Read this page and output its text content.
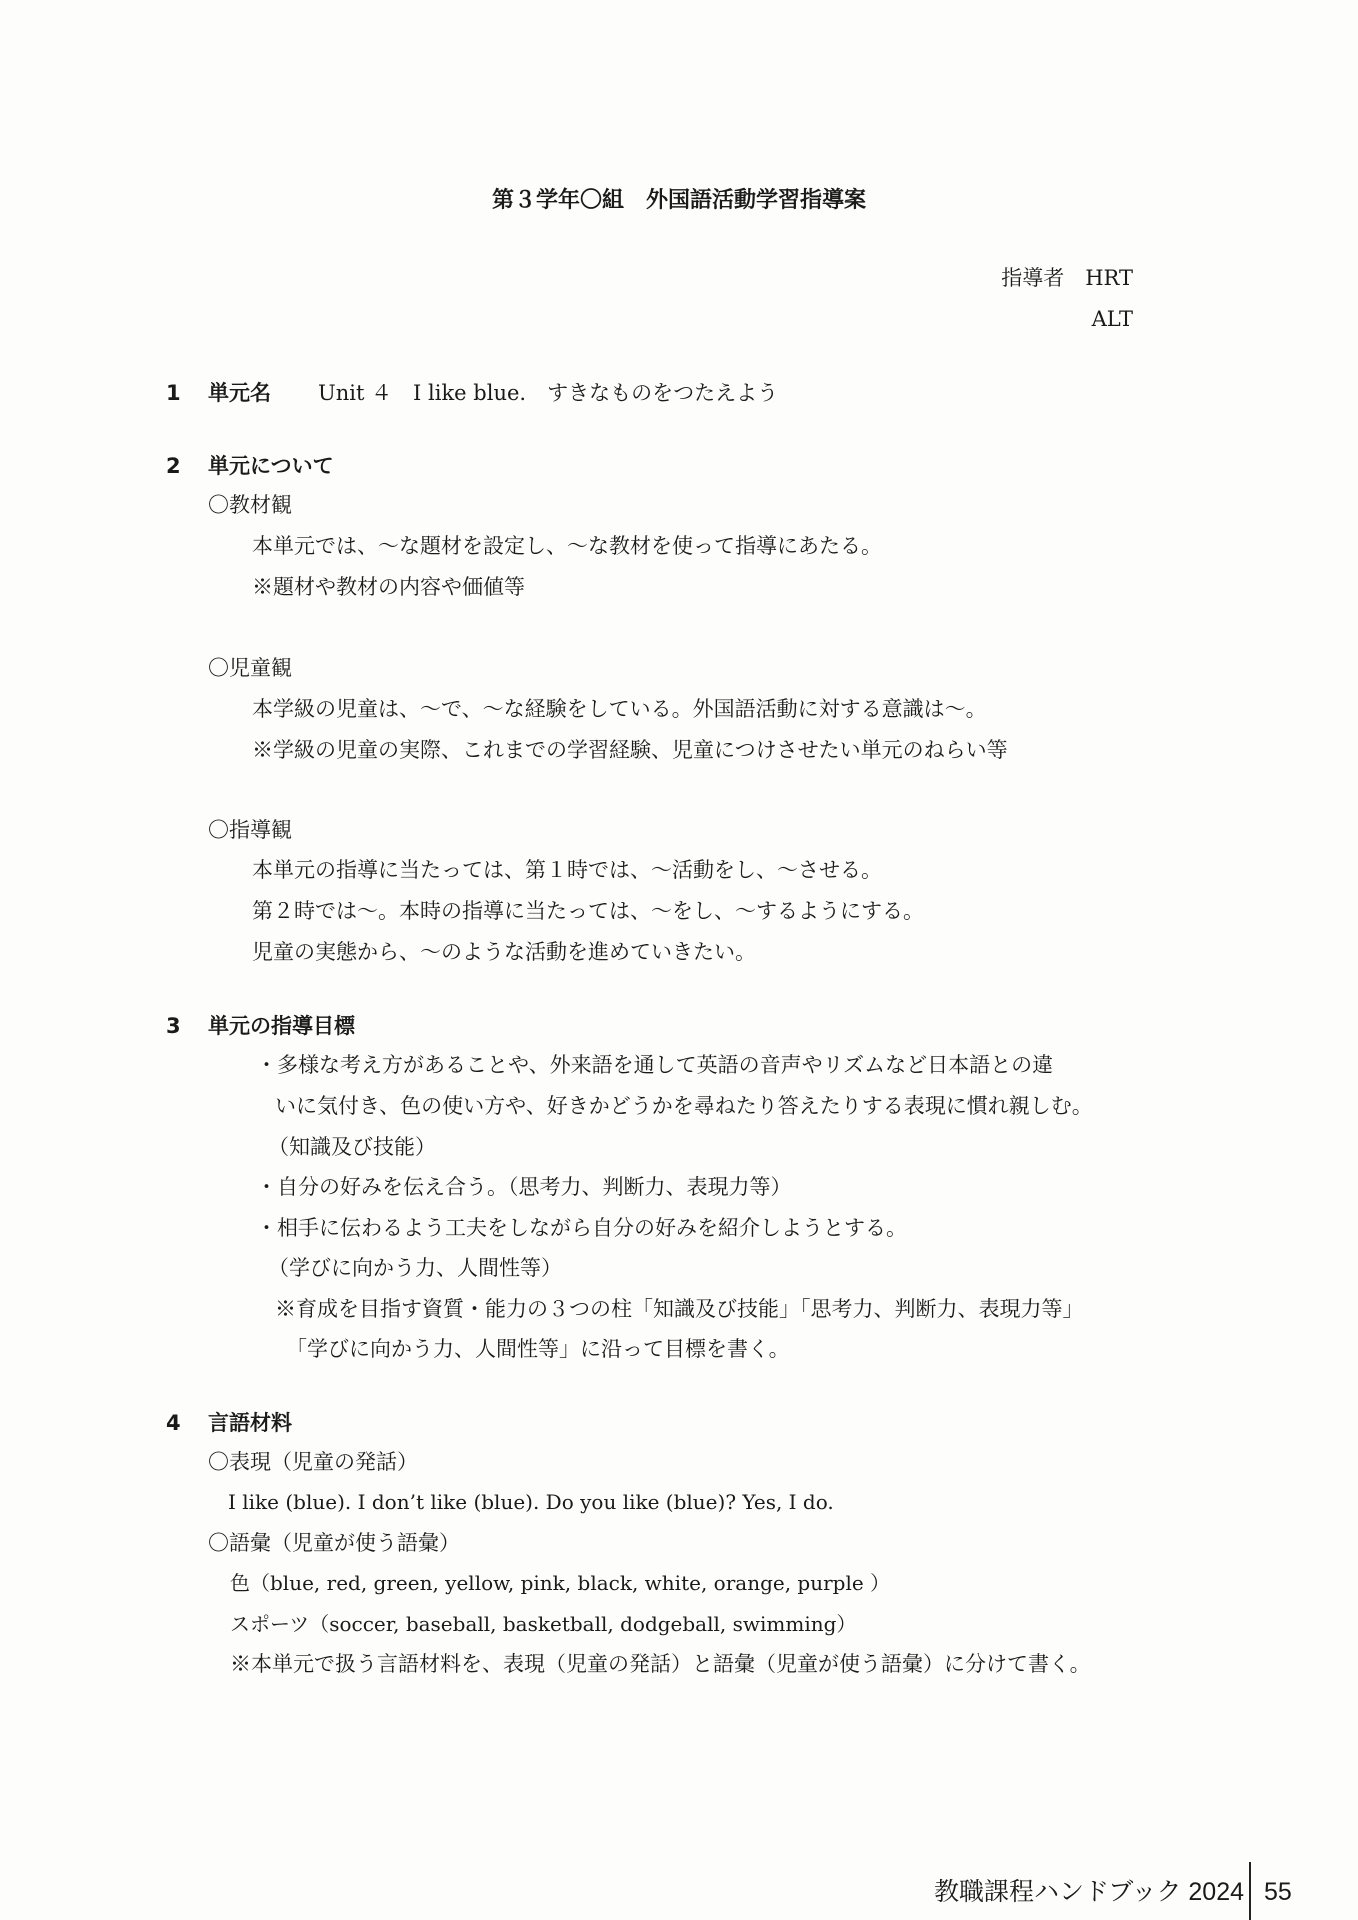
第３学年〇組　外国語活動学習指導案
指導者　HRT
ALT
1 単元名 Unit ４　I like blue.　すきなものをつたえよう
2 単元について
〇教材観
本単元では、～な題材を設定し、～な教材を使って指導にあたる。
※題材や教材の内容や価値等
〇児童観
本学級の児童は、～で、～な経験をしている。外国語活動に対する意識は～。
※学級の児童の実際、これまでの学習経験、児童につけさせたい単元のねらい等
〇指導観
本単元の指導に当たっては、第１時では、～活動をし、～させる。
第２時では～。本時の指導に当たっては、～をし、～するようにする。
児童の実態から、～のような活動を進めていきたい。
3 単元の指導目標
・多様な考え方があることや、外来語を通して英語の音声やリズムなど日本語との違
いに気付き、色の使い方や、好きかどうかを尋ねたり答えたりする表現に慣れ親しむ。
（知識及び技能）
・自分の好みを伝え合う。（思考力、判断力、表現力等）
・相手に伝わるよう工夫をしながら自分の好みを紹介しようとする。
（学びに向かう力、人間性等）
※育成を目指す資質・能力の３つの柱「知識及び技能」「思考力、判断力、表現力等」
「学びに向かう力、人間性等」に沿って目標を書く。
4 言語材料
〇表現（児童の発話）
I like (blue). I don’t like (blue). Do you like (blue)? Yes, I do.
〇語彙（児童が使う語彙）
色（blue, red, green, yellow, pink, black, white, orange, purple ）
スポーツ（soccer, baseball, basketball, dodgeball, swimming）
※本単元で扱う言語材料を、表現（児童の発話）と語彙（児童が使う語彙）に分けて書く。
教職課程ハンドブック 2024 55
